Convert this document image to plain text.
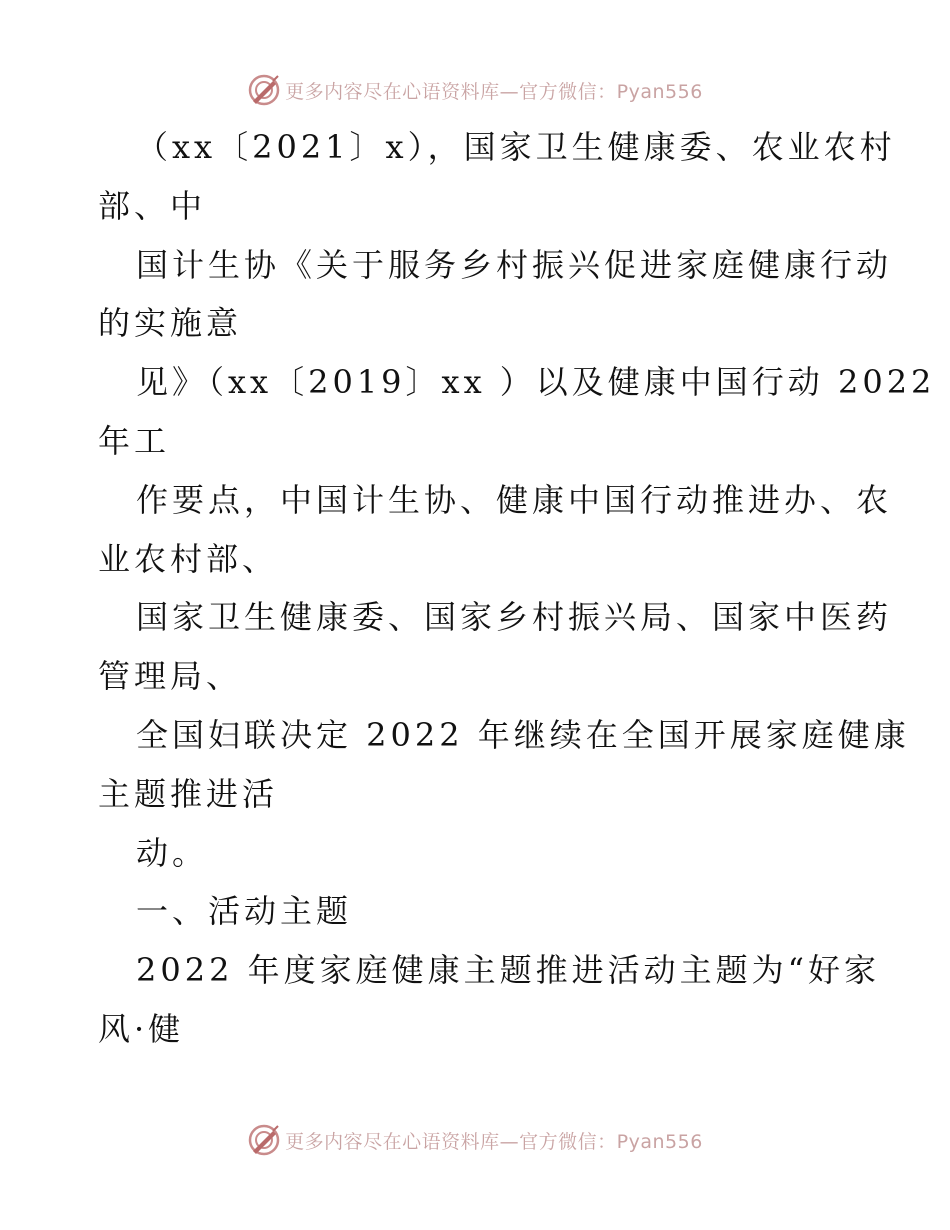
更多内容尽在心语资料库—官方微信：Pyan556
（xx〔2021〕x），国家卫生健康委、农业农村
部、中
国计生协《关于服务乡村振兴促进家庭健康行动
的实施意
见》（xx〔2019〕xx ）以及健康中国行动 2022
年工
作要点，中国计生协、健康中国行动推进办、农
业农村部、
国家卫生健康委、国家乡村振兴局、国家中医药
管理局、
全国妇联决定 2022 年继续在全国开展家庭健康
主题推进活
动。
一、活动主题
2022 年度家庭健康主题推进活动主题为“好家
风·健
更多内容尽在心语资料库—官方微信：Pyan556
